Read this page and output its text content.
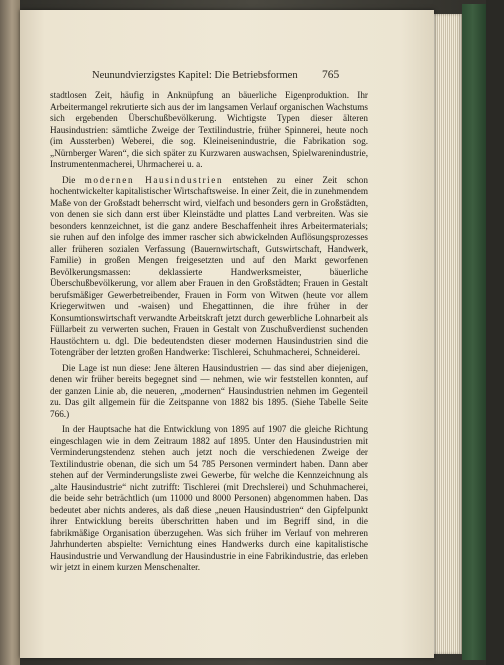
Neunundvierzigstes Kapitel: Die Betriebsformen 765

stadtlosen Zeit, häufig in Anknüpfung an bäuerliche Eigenproduktion. Ihr Arbeitermangel rekrutierte sich aus der im langsamen Verlauf organischen Wachstums sich ergebenden Überschußbevölkerung. Wichtigste Typen dieser älteren Hausindustrien: sämtliche Zweige der Textilindustrie, früher Spinnerei, heute noch (im Aussterben) Weberei, die sog. Kleineisenindustrie, die Fabrikation sog. „Nürnberger Waren“, die sich später zu Kurzwaren auswachsen, Spielwarenindustrie, Instrumentenmacherei, Uhrmacherei u. a.

Die modernen Hausindustrien entstehen zu einer Zeit schon hochentwickelter kapitalistischer Wirtschaftsweise. In einer Zeit, die in zunehmendem Maße von der Großstadt beherrscht wird, vielfach und besonders gern in Großstädten, von denen sie sich dann erst über Kleinstädte und plattes Land verbreiten. Was sie besonders kennzeichnet, ist die ganz andere Beschaffenheit ihres Arbeitermaterials; sie ruhen auf den infolge des immer rascher sich abwickelnden Auflösungsprozesses aller früheren sozialen Verfassung (Bauernwirtschaft, Gutswirtschaft, Handwerk, Familie) in großen Mengen freigesetzten und auf den Markt geworfenen Bevölkerungsmassen: deklassierte Handwerksmeister, bäuerliche Überschußbevölkerung, vor allem aber Frauen in den Großstädten; Frauen in Gestalt berufsmäßiger Gewerbetreibender, Frauen in Form von Witwen (heute vor allem Kriegerwitwen und -waisen) und Ehegattinnen, die ihre früher in der Konsumtionswirtschaft verwandte Arbeitskraft jetzt durch gewerbliche Lohnarbeit als Füllarbeit zu verwerten suchen, Frauen in Gestalt von Zuschußverdienst suchenden Haustöchtern u. dgl. Die bedeutendsten dieser modernen Hausindustrien sind die Totengräber der letzten großen Handwerke: Tischlerei, Schuhmacherei, Schneiderei.

Die Lage ist nun diese: Jene älteren Hausindustrien — das sind aber diejenigen, denen wir früher bereits begegnet sind — nehmen, wie wir feststellen konnten, auf der ganzen Linie ab, die neueren, „modernen“ Hausindustrien nehmen im Gegenteil zu. Das gilt allgemein für die Zeitspanne von 1882 bis 1895. (Siehe Tabelle Seite 766.)

In der Hauptsache hat die Entwicklung von 1895 auf 1907 die gleiche Richtung eingeschlagen wie in dem Zeitraum 1882 auf 1895. Unter den Hausindustrien mit Verminderungstendenz stehen auch jetzt noch die verschiedenen Zweige der Textilindustrie obenan, die sich um 54 785 Personen vermindert haben. Dann aber stehen auf der Verminderungsliste zwei Gewerbe, für welche die Kennzeichnung als „alte Hausindustrie“ nicht zutrifft: Tischlerei (mit Drechslerei) und Schuhmacherei, die beide sehr beträchtlich (um 11000 und 8000 Personen) abgenommen haben. Das bedeutet aber nichts anderes, als daß diese „neuen Hausindustrien“ den Gipfelpunkt ihrer Entwicklung bereits überschritten haben und im Begriff sind, in die fabrikmäßige Organisation überzugehen. Was sich früher im Verlauf von mehreren Jahrhunderten abspielte: Vernichtung eines Handwerks durch eine kapitalistische Hausindustrie und Verwandlung der Hausindustrie in eine Fabrikindustrie, das erleben wir jetzt in einem kurzen Menschenalter.
